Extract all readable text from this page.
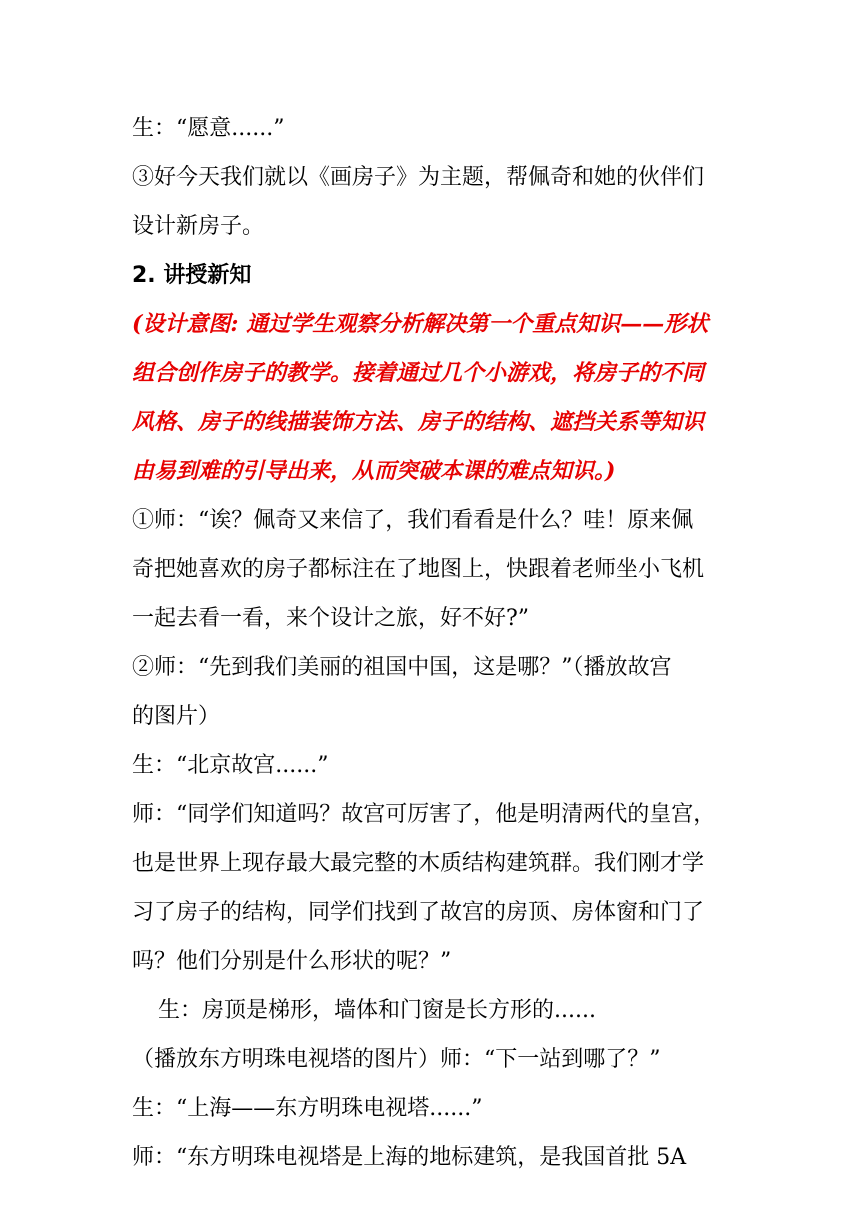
生：“愿意......”
③好今天我们就以《画房子》为主题，帮佩奇和她的伙伴们
设计新房子。
2. 讲授新知
(设计意图: 通过学生观察分析解决第一个重点知识——形状
组合创作房子的教学。接着通过几个小游戏，将房子的不同
风格、房子的线描装饰方法、房子的结构、遮挡关系等知识
由易到难的引导出来，从而突破本课的难点知识。)
①师：“诶？佩奇又来信了，我们看看是什么？哇！原来佩
奇把她喜欢的房子都标注在了地图上，快跟着老师坐小飞机
一起去看一看，来个设计之旅，好不好?”
②师：“先到我们美丽的祖国中国，这是哪？”（播放故宫
的图片）
生：“北京故宫......”
师：“同学们知道吗？故宫可厉害了，他是明清两代的皇宫，
也是世界上现存最大最完整的木质结构建筑群。我们刚才学
习了房子的结构，同学们找到了故宫的房顶、房体窗和门了
吗？他们分别是什么形状的呢？”
生：房顶是梯形，墙体和门窗是长方形的......
（播放东方明珠电视塔的图片）师：“下一站到哪了？”
生：“上海——东方明珠电视塔......”
师：“东方明珠电视塔是上海的地标建筑，是我国首批 5A
